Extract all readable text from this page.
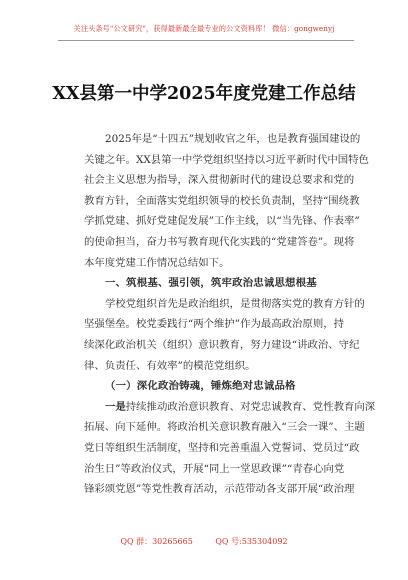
关注头条号"公文研究"，获得最新最全最专业的公文资料库！ 微信：gongwenyj
XX县第一中学2025年度党建工作总结
2025年是“十四五”规划收官之年，也是教育强国建设的
关键之年。XX县第一中学党组织坚持以习近平新时代中国特色
社会主义思想为指导，深入贯彻新时代的建设总要求和党的
教育方针，全面落实党组织领导的校长负责制，坚持“围绕教
学抓党建、抓好党建促发展”工作主线，以“当先锋、作表率”
的使命担当，奋力书写教育现代化实践的“党建答卷”。现将
本年度党建工作情况总结如下。
一、筑根基、强引领，筑牢政治忠诚思想根基
学校党组织首先是政治组织，是贯彻落实党的教育方针的
坚强堡垒。校党委践行“两个维护”作为最高政治原则，持
续深化政治机关（组织）意识教育，努力建设“讲政治、守纪
律、负责任、有效率”的模范党组织。
（一）深化政治铸魂，锤炼绝对忠诚品格
一是持续推动政治意识教育、对党忠诚教育、党性教育向深
拓展、向下延伸。将政治机关意识教育融入“三会一课”、主题
党日等组织生活制度，坚持和完善重温入党誓词、党员过“政
治生日”等政治仪式，开展“同上一堂思政课”“青春心向党
锋彩颂党恩”等党性教育活动，示范带动各支部开展“政治理
QQ 群：30265665	QQ 号:535304092
